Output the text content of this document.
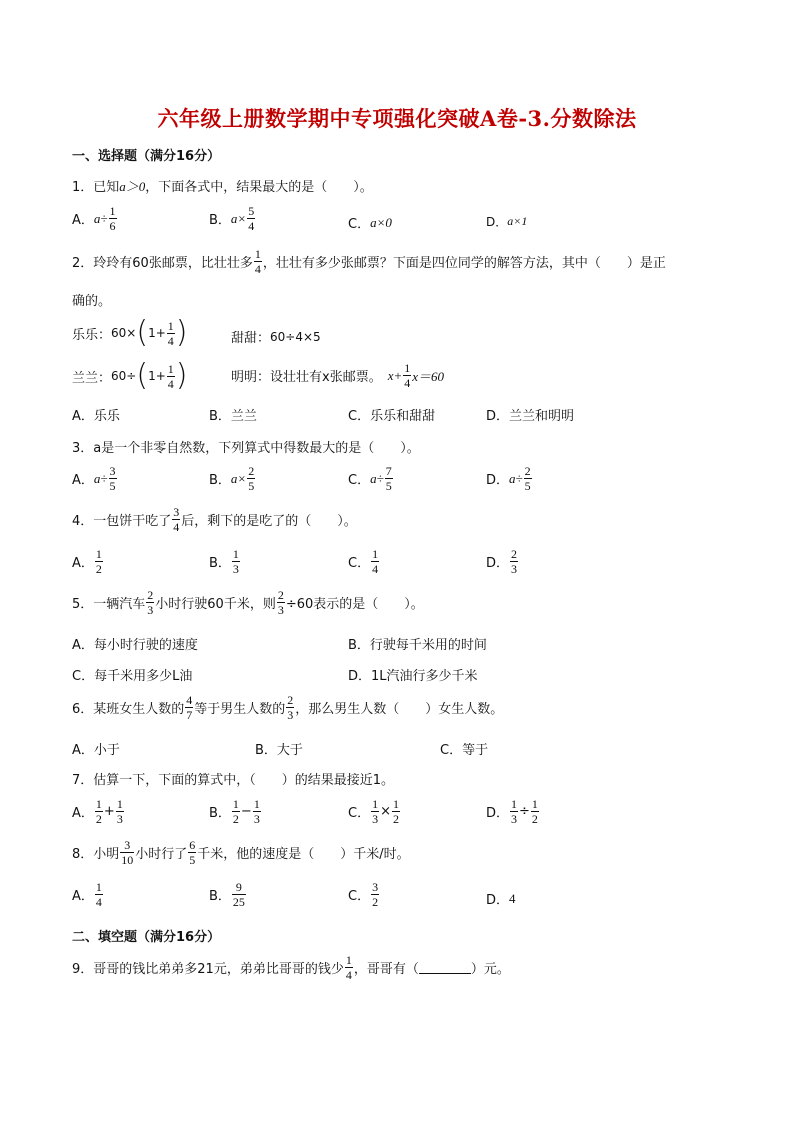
六年级上册数学期中专项强化突破A卷-3.分数除法
一、选择题（满分16分）
1．已知 a＞0 ，下面各式中，结果最大的是（　　）。
A． $a\div \frac{1}{6}$	B． $a\times \frac{5}{4}$	C． a×0	D． a×1
2．玲玲有60张邮票，比壮壮多 $\frac{1}{4}$ ，壮壮有多少张邮票？下面是四位同学的解答方法，其中（　　）是正
确的。
乐乐： 60× ( $1+ \frac{1}{4}$ )	甜甜： 60÷4×5
兰兰： 60÷ ( $1+ \frac{1}{4}$ )	明明：设壮壮有x张邮票。 $x+ \frac{1}{4} x=60$
A．乐乐	B．兰兰	C．乐乐和甜甜	D．兰兰和明明
3．a是一个非零自然数，下列算式中得数最大的是（　　）。
A． $a\div \frac{3}{5}$	B． $a\times \frac{2}{5}$	C． $a\div \frac{7}{5}$	D． $a\div \frac{2}{5}$
4．一包饼干吃了 $\frac{3}{4}$ 后，剩下的是吃了的（　　）。
A． $\frac{1}{2}$	B． $\frac{1}{3}$	C． $\frac{1}{4}$	D． $\frac{2}{3}$
5．一辆汽车 $\frac{2}{3}$ 小时行驶60千米，则 $\frac{2}{3} \div 60$表示的是（　　）。
A．每小时行驶的速度	B．行驶每千米用的时间
C．每千米用多少L油	D．1L汽油行多少千米
6．某班女生人数的 $\frac{4}{7}$ 等于男生人数的 $\frac{2}{3}$ ，那么男生人数（　　）女生人数。
A．小于	B．大于	C．等于
7．估算一下，下面的算式中，（　　）的结果最接近1。
A． $\frac{1}{2} + \frac{1}{3}$	B． $\frac{1}{2} - \frac{1}{3}$	C． $\frac{1}{3} \times \frac{1}{2}$	D． $\frac{1}{3} \div \frac{1}{2}$
8．小明 $\frac{3}{10}$ 小时行了 $\frac{6}{5}$ 千米，他的速度是（　　）千米/时。
A． $\frac{1}{4}$	B． $\frac{9}{25}$	C． $\frac{3}{2}$	D． 4
二、填空题（满分16分）
9．哥哥的钱比弟弟多21元，弟弟比哥哥的钱少 $\frac{1}{4}$ ，哥哥有（	）元。
